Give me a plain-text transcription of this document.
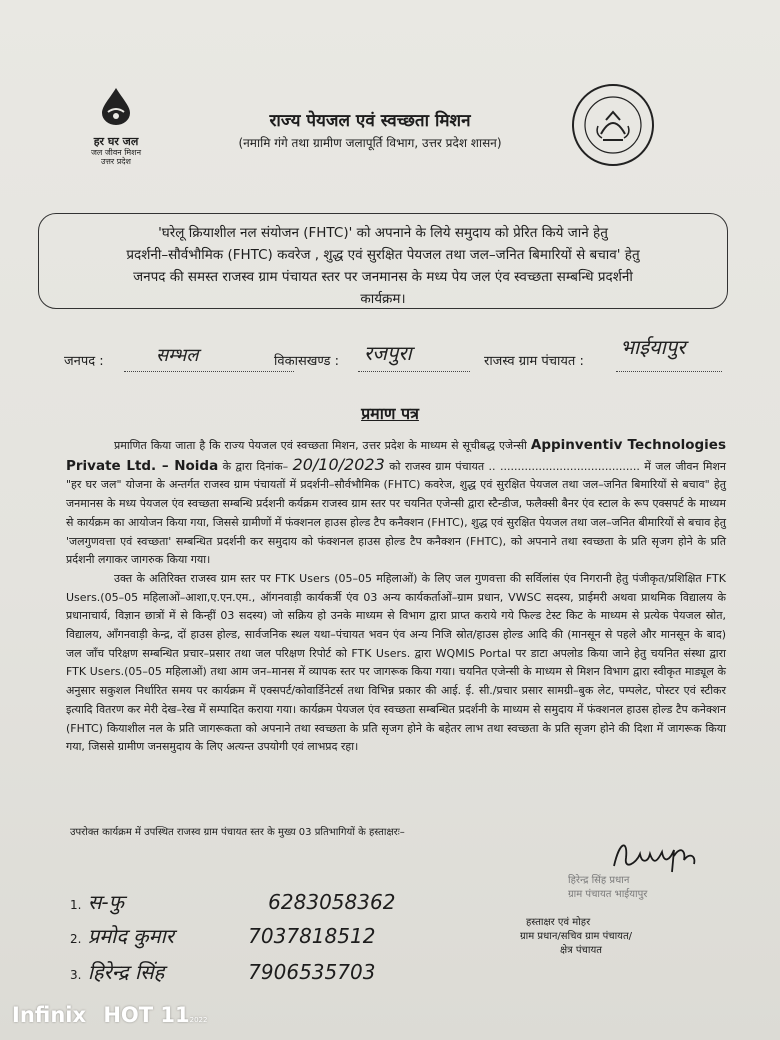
हर घर जल
जल जीवन मिशन
उत्तर प्रदेश
राज्य पेयजल एवं स्वच्छता मिशन
(नमामि गंगे तथा ग्रामीण जलापूर्ति विभाग, उत्तर प्रदेश शासन)
'घरेलू क्रियाशील नल संयोजन (FHTC)' को अपनाने के लिये समुदाय को प्रेरित किये जाने हेतु
प्रदर्शनी–सौर्वभौमिक (FHTC) कवरेज , शुद्ध एवं सुरक्षित पेयजल तथा जल–जनित बिमारियों से बचाव' हेतु
जनपद की समस्त राजस्व ग्राम पंचायत स्तर पर जनमानस के मध्य पेय जल एंव स्वच्छता सम्बन्धि प्रदर्शनी
कार्यक्रम।
जनपद :	सम्भल	विकासखण्ड : रजपुरा	राजस्व ग्राम पंचायत :
भाईयापुर
प्रमाण पत्र

प्रमाणित किया जाता है कि राज्य पेयजल एवं स्वच्छता मिशन, उत्तर प्रदेश के माध्यम से सूचीबद्ध एजेन्सी Appinventiv Technologies Private Ltd. – Noida के द्वारा दिनांक– 20/10/2023 को राजस्व ग्राम पंचायत .. ........................................ में जल जीवन मिशन "हर घर जल" योजना के अन्तर्गत राजस्व ग्राम पंचायतों में प्रदर्शनी–सौर्वभौमिक (FHTC) कवरेज, शुद्ध एवं सुरक्षित पेयजल तथा जल–जनित बिमारियों से बचाव" हेतु जनमानस के मध्य पेयजल एंव स्वच्छता सम्बन्धि प्रर्दशनी कर्यक्रम राजस्व ग्राम स्तर पर चयनित एजेन्सी द्वारा स्टैन्डीज, फलैक्सी बैनर एंव स्टाल के रूप एक्सपर्ट के माध्यम से कार्यक्रम का आयोजन किया गया, जिससे ग्रामीणों में फंक्शनल हाउस होल्ड टैप कनैक्शन (FHTC), शुद्ध एवं सुरक्षित पेयजल तथा जल–जनित बीमारियों से बचाव हेतु 'जलगुणवत्ता एवं स्वच्छता' सम्बन्धित प्रदर्शनी कर समुदाय को फंक्शनल हाउस होल्ड टैप कनैक्शन (FHTC), को अपनाने तथा स्वच्छता के प्रति सृजग होने के प्रति प्रर्दशनी लगाकर जागरुक किया गया।

उक्त के अतिरिक्त राजस्व ग्राम स्तर पर FTK Users (05–05 महिलाओं) के लिए जल गुणवत्ता की सर्विलांस एंव निगरानी हेतु पंजीकृत/प्रशिक्षित FTK Users.(05–05 महिलाओं–आशा,ए.एन.एम., ऑगनवाड़ी कार्यकर्त्री एंव 03 अन्य कार्यकर्ताओं–ग्राम प्रधान, VWSC सदस्य, प्राईमरी अथवा प्राथमिक विद्यालय के प्रधानाचार्य, विज्ञान छात्रों में से किन्हीं 03 सदस्य) जो सक्रिय हो उनके माध्यम से विभाग द्वारा प्राप्त कराये गये फिल्ड टेस्ट किट के माध्यम से प्रत्येक पेयजल स्रोत, विद्यालय, आँगनवाड़ी केन्द्र, दों हाउस होल्ड, सार्वजनिक स्थल यथा–पंचायत भवन एंव अन्य निजि स्रोत/हाउस होल्ड आदि की (मानसून से पहले और मानसून के बाद) जल जाँच परिक्षण सम्बन्धित प्रचार–प्रसार तथा जल परिक्षण रिपोर्ट को FTK Users. द्वारा WQMIS Portal पर डाटा अपलोड किया जाने हेतु चयनित संस्था द्वारा FTK Users.(05–05 महिलाओं) तथा आम जन–मानस में व्यापक स्तर पर जागरूक किया गया। चयनित एजेन्सी के माध्यम से मिशन विभाग द्वारा स्वीकृत माड्यूल के अनुसार सकुशल निर्धारित समय पर कार्यक्रम में एक्सपर्ट/कोवार्डिनेटर्स तथा विभिन्न प्रकार की आई. ई. सी./प्रचार प्रसार सामग्री–बुक लेट, पम्पलेट, पोस्टर एवं स्टीकर इत्यादि वितरण कर मेरी देख–रेख में सम्पादित कराया गया। कार्यक्रम पेयजल एंव स्वच्छता सम्बन्धित प्रदर्शनी के माध्यम से समुदाय में फंक्शनल हाउस होल्ड टैप कनेक्शन (FHTC) कियाशील नल के प्रति जागरूकता को अपनाने तथा स्वच्छता के प्रति सृजग होने के बहेतर लाभ तथा स्वच्छता के प्रति सृजग होने की दिशा में जागरूक किया गया, जिससे ग्रामीण जनसमुदाय के लिए अत्यन्त उपयोगी एवं लाभप्रद रहा।

उपरोक्त कार्यक्रम में उपस्थित राजस्व ग्राम पंचायत स्तर के मुख्य 03 प्रतिभागियों के हस्ताक्षरः–
1. स-फु	6283058362
2. प्रमोद कुमार	7037818512
3. हिरेन्द्र सिंह	7906535703
हिरेन्द्र सिंह प्रधान
ग्राम पंचायत भाईयापुर
हस्ताक्षर एवं मोहर
ग्राम प्रधान/सचिव ग्राम पंचायत/
क्षेत्र पंचायत
Infinix HOT 112022
